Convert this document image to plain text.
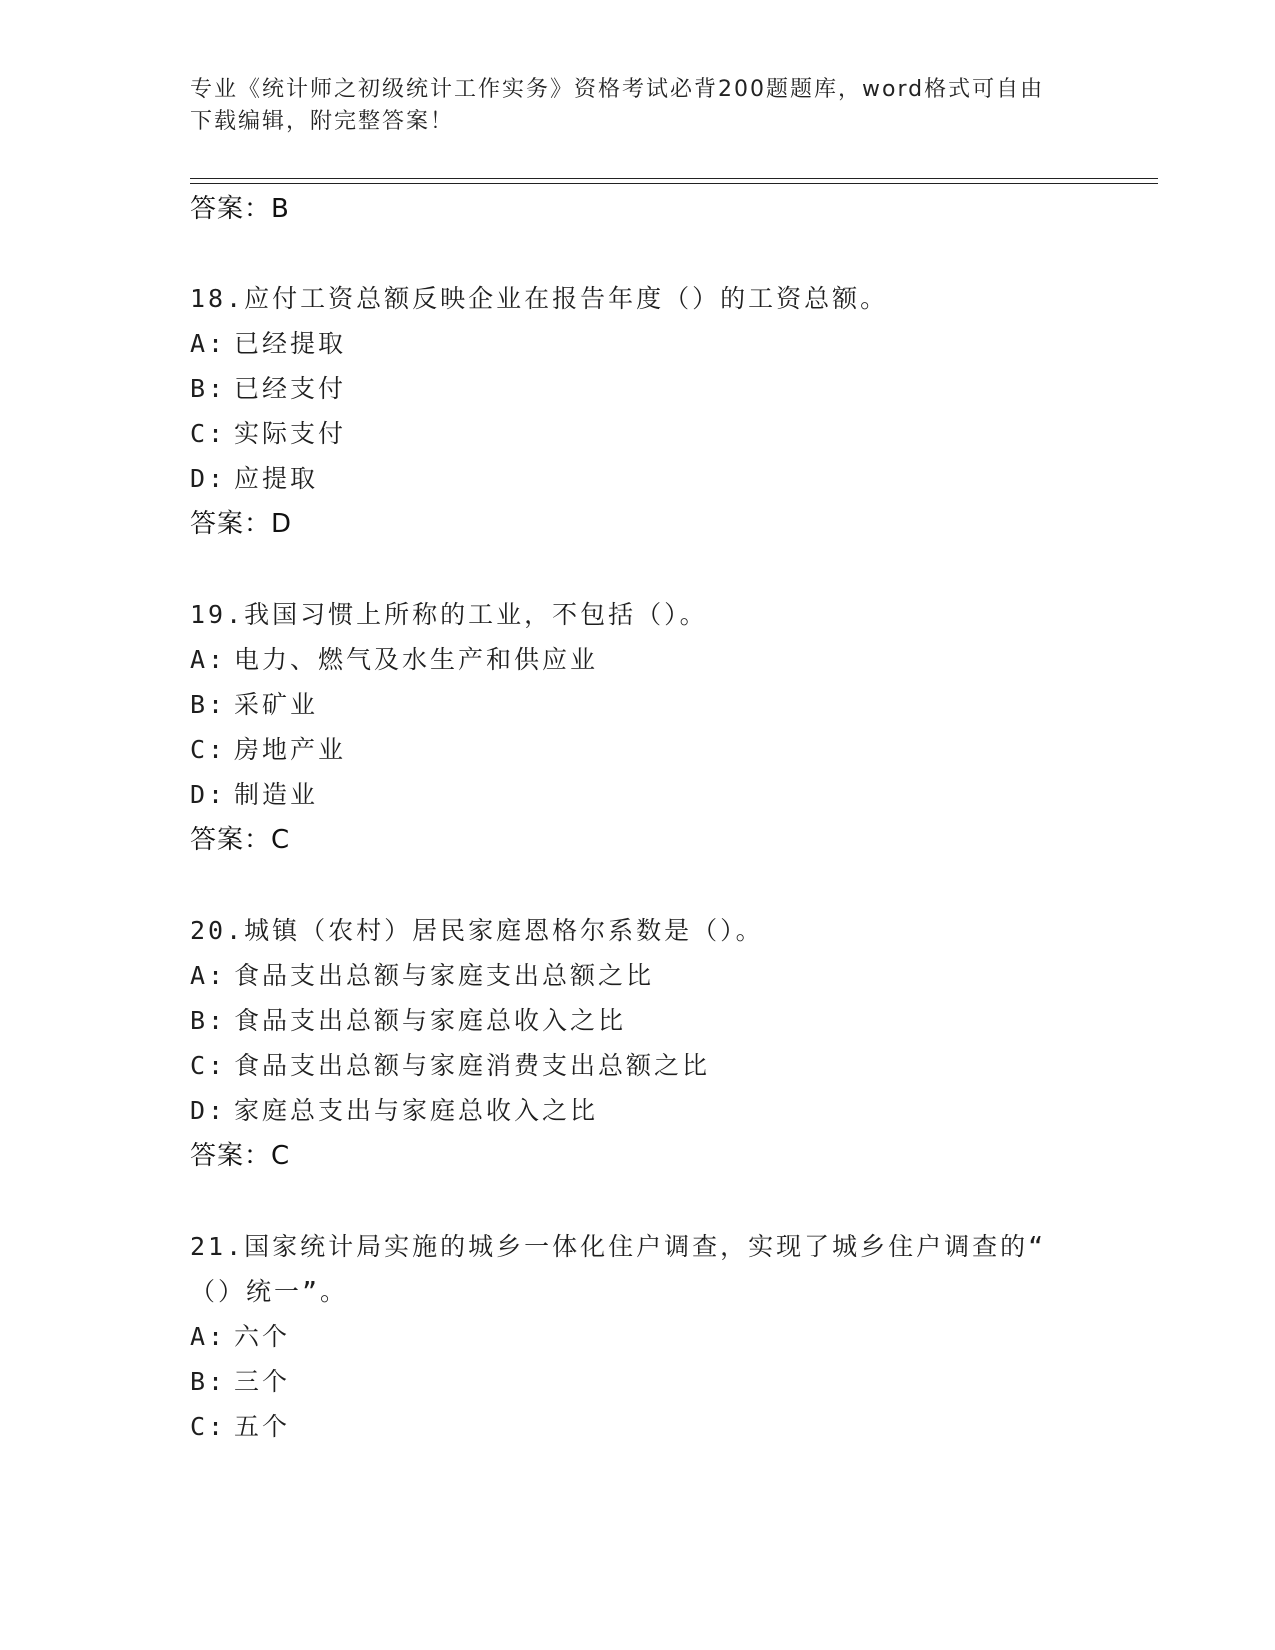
专业《统计师之初级统计工作实务》资格考试必背200题题库，word格式可自由
下载编辑，附完整答案！
答案：B
18.应付工资总额反映企业在报告年度（）的工资总额。
A: 已经提取
B: 已经支付
C: 实际支付
D: 应提取
答案：D
19.我国习惯上所称的工业，不包括（）。
A: 电力、燃气及水生产和供应业
B: 采矿业
C: 房地产业
D: 制造业
答案：C
20.城镇（农村）居民家庭恩格尔系数是（）。
A: 食品支出总额与家庭支出总额之比
B: 食品支出总额与家庭总收入之比
C: 食品支出总额与家庭消费支出总额之比
D: 家庭总支出与家庭总收入之比
答案：C
21.国家统计局实施的城乡一体化住户调查，实现了城乡住户调查的“
（）统一”。
A: 六个
B: 三个
C: 五个
